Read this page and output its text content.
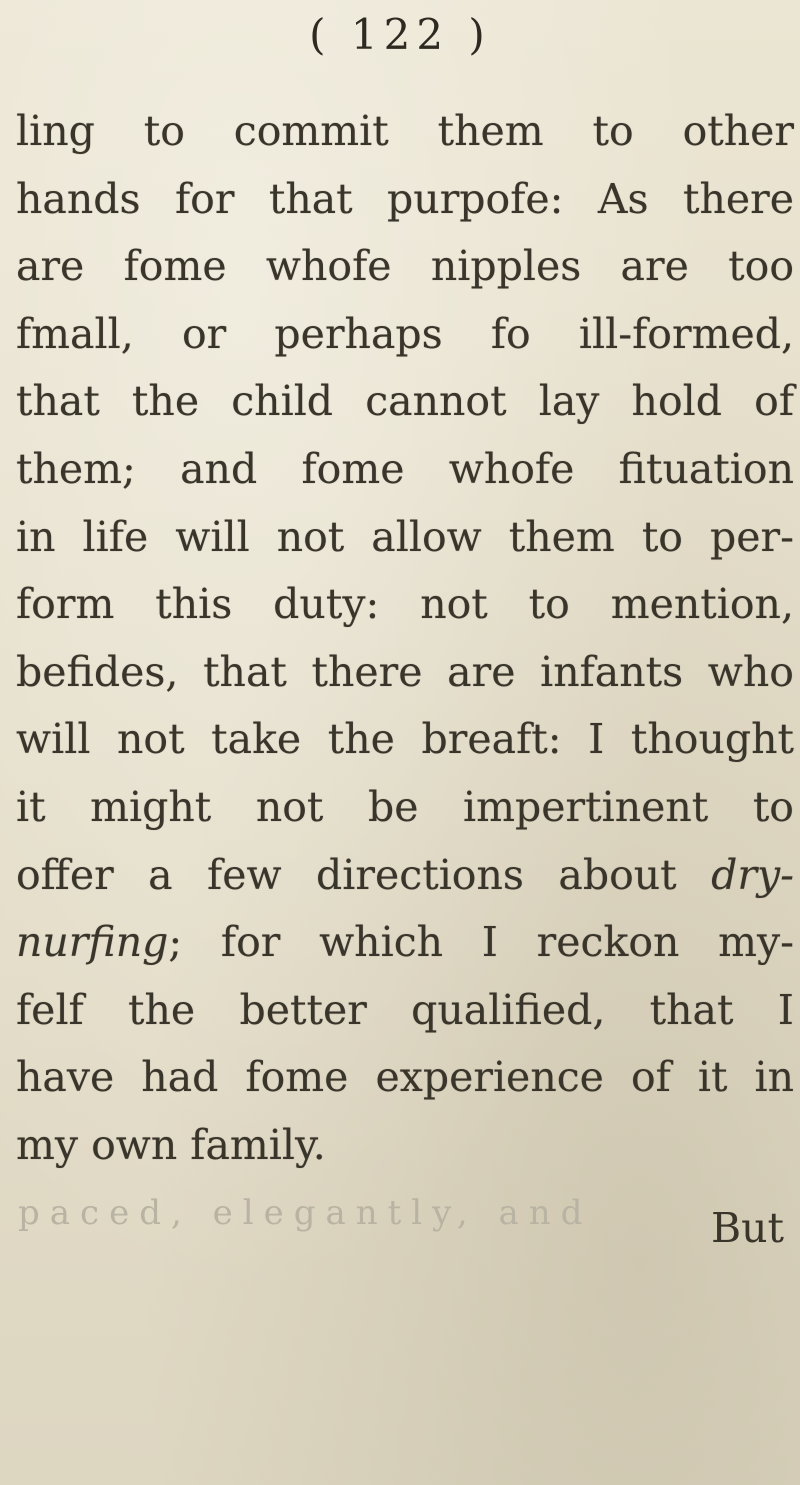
( 122 )
ling to commit them to other
hands for that purpofe: As there
are fome whofe nipples are too
fmall, or perhaps fo ill-formed,
that the child cannot lay hold of
them; and fome whofe fituation
in life will not allow them to per-
form this duty: not to mention,
befides, that there are infants who
will not take the breaft: I thought
it might not be impertinent to
offer a few directions about dry-
nurfing; for which I reckon my-
felf the better qualified, that I
have had fome experience of it in
my own family.
paced, elegantly, and	But
